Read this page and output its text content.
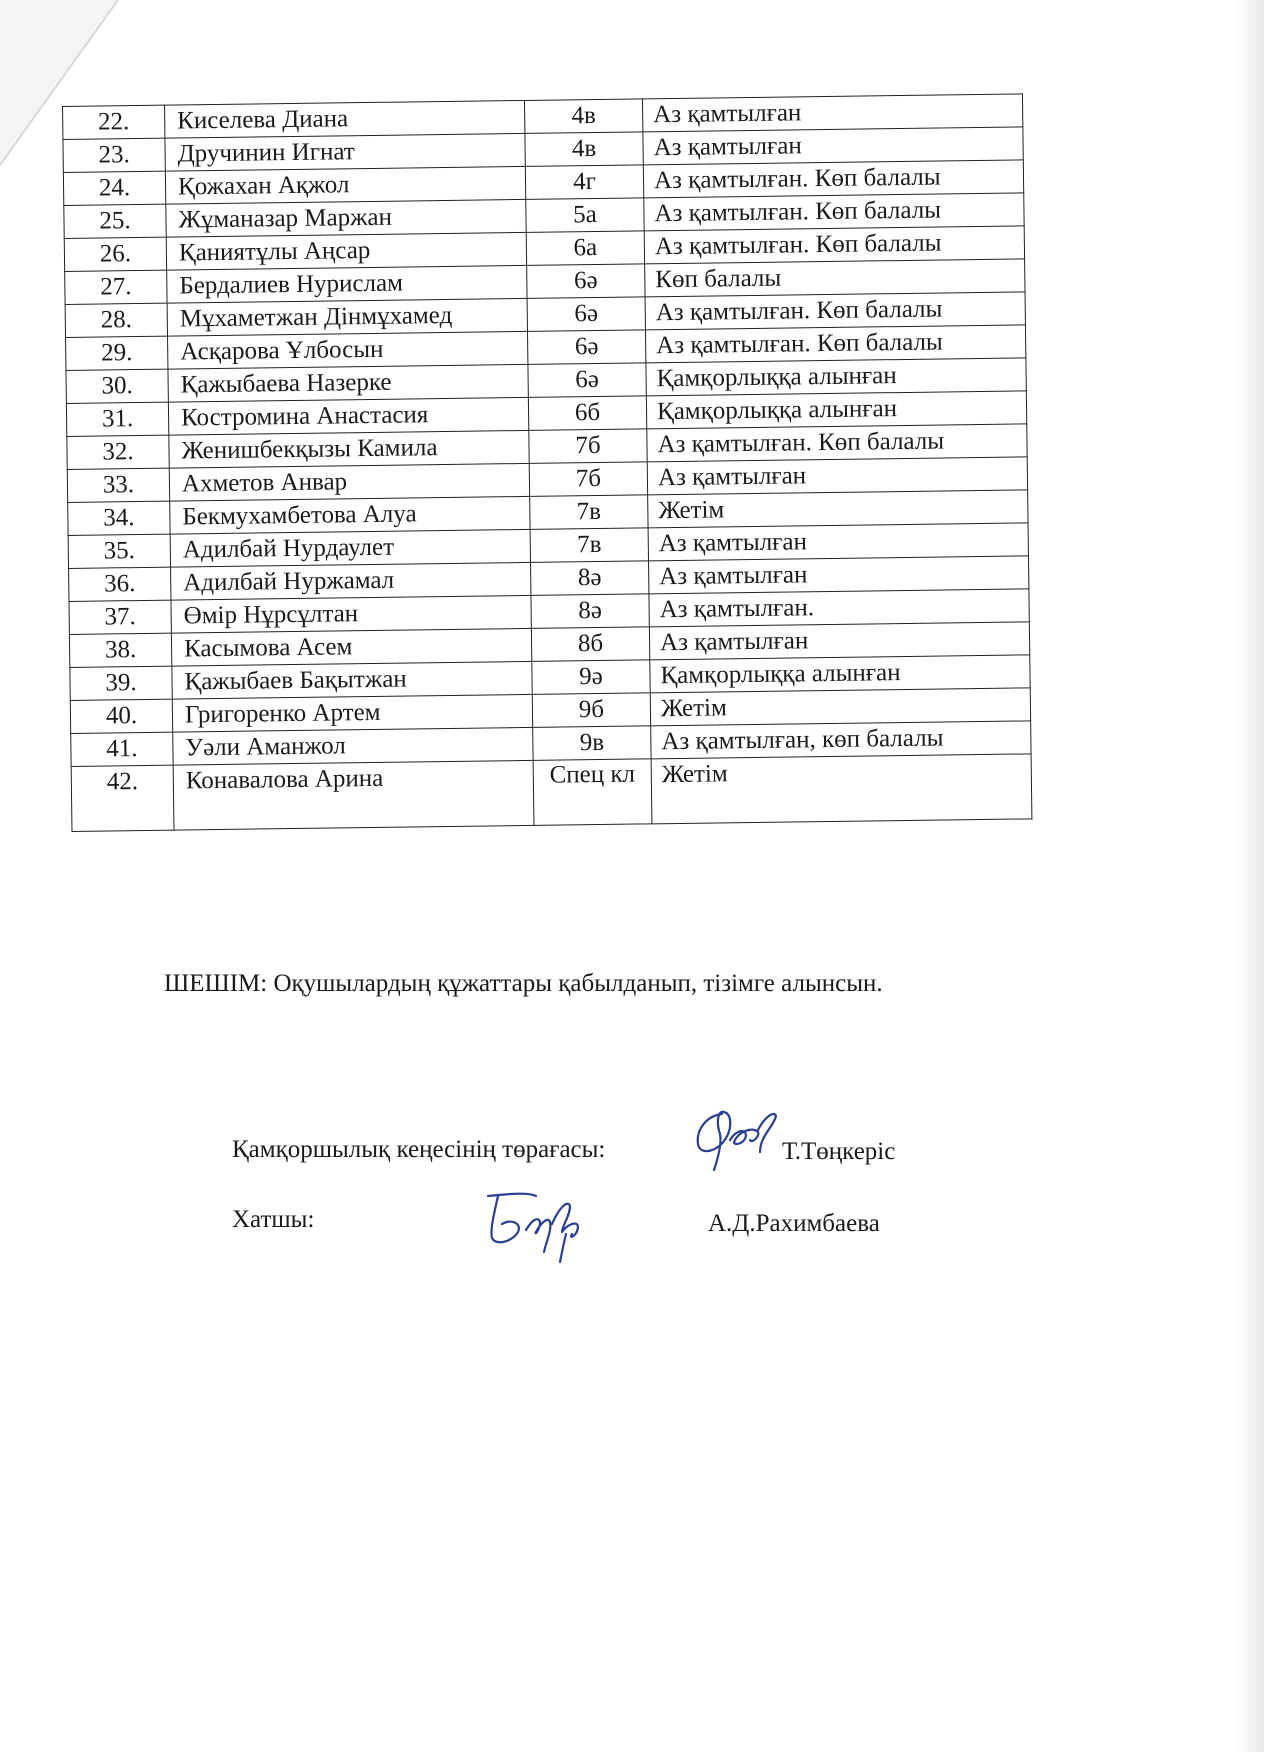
22.	Киселева Диана	4в	Аз қамтылған
23.	Дручинин Игнат	4в	Аз қамтылған
24.	Қожахан Ақжол	4г	Аз қамтылған. Көп балалы
25.	Жұманазар Маржан	5а	Аз қамтылған. Көп балалы
26.	Қаниятұлы Аңсар	6а	Аз қамтылған. Көп балалы
27.	Бердалиев Нурислам	6ә	Көп балалы
28.	Мұхаметжан Дінмұхамед	6ә	Аз қамтылған. Көп балалы
29.	Асқарова Ұлбосын	6ә	Аз қамтылған. Көп балалы
30.	Қажыбаева Назерке	6ә	Қамқорлыққа алынған
31.	Костромина Анастасия	6б	Қамқорлыққа алынған
32.	Женишбекқызы Камила	7б	Аз қамтылған. Көп балалы
33.	Ахметов Анвар	7б	Аз қамтылған
34.	Бекмухамбетова Алуа	7в	Жетім
35.	Адилбай Нурдаулет	7в	Аз қамтылған
36.	Адилбай Нуржамал	8ә	Аз қамтылған
37.	Өмір Нұрсұлтан	8ә	Аз қамтылған.
38.	Касымова Асем	8б	Аз қамтылған
39.	Қажыбаев Бақытжан	9ә	Қамқорлыққа алынған
40.	Григоренко Артем	9б	Жетім
41.	Уәли Аманжол	9в	Аз қамтылған, көп балалы
42.	Конавалова Арина	Спец кл	Жетім
ШЕШІМ: Оқушылардың құжаттары қабылданып, тізімге алынсын.
Қамқоршылық кеңесінің төрағасы:	Т.Төңкеріс
Хатшы:	А.Д.Рахимбаева
